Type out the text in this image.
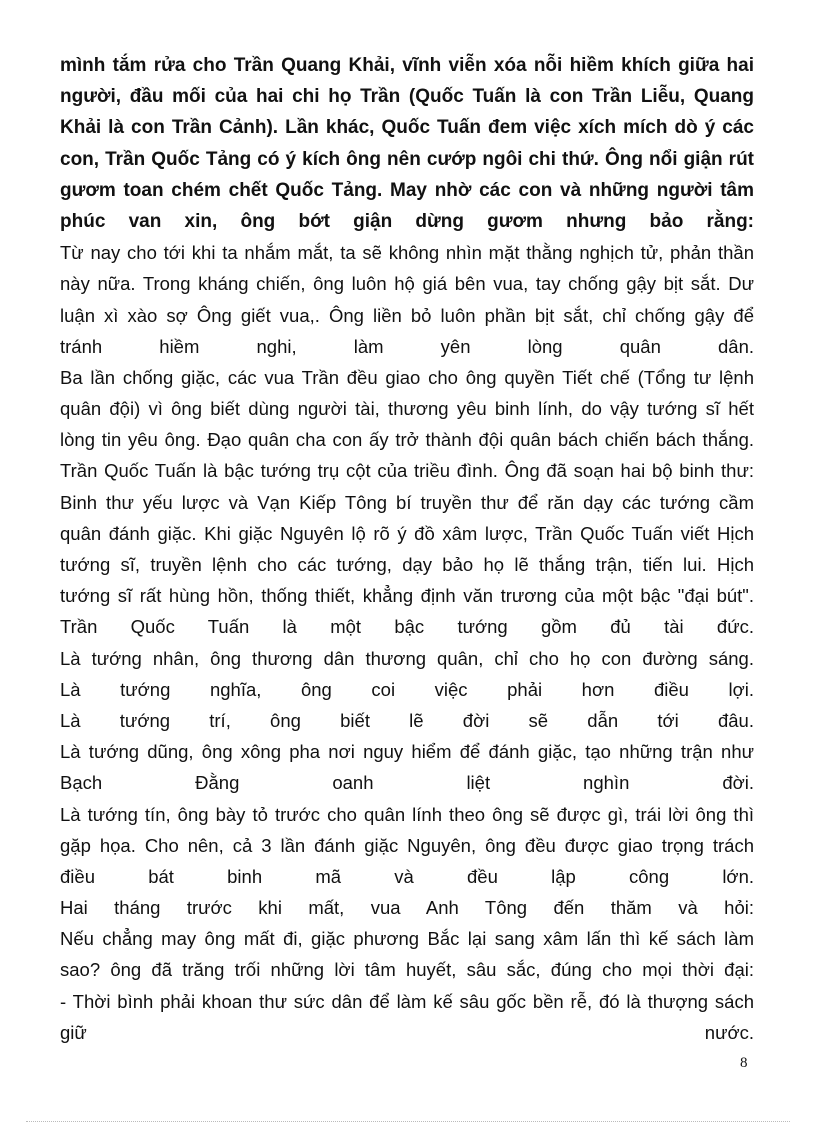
mình tắm rửa cho Trần Quang Khải, vĩnh viễn xóa nỗi hiềm khích giữa hai
người, đầu mối của hai chi họ Trần (Quốc Tuấn là con Trần Liễu, Quang
Khải là con Trần Cảnh). Lần khác, Quốc Tuấn đem việc xích mích dò ý các
con, Trần Quốc Tảng có ý kích ông nên cướp ngôi chi thứ. Ông nổi giận rút
gươm toan chém chết Quốc Tảng. May nhờ các con và những người tâm
phúc van xin, ông bớt giận dừng gươm nhưng bảo rằng:
Từ nay cho tới khi ta nhắm mắt, ta sẽ không nhìn mặt thằng nghịch tử, phản thần
này nữa. Trong kháng chiến, ông luôn hộ giá bên vua, tay chống gậy bịt sắt. Dư
luận xì xào sợ Ông giết vua,. Ông liền bỏ luôn phần bịt sắt, chỉ chống gậy để
tránh hiềm nghi, làm yên lòng quân dân.
Ba lần chống giặc, các vua Trần đều giao cho ông quyền Tiết chế (Tổng tư lệnh
quân đội) vì ông biết dùng người tài, thương yêu binh lính, do vậy tướng sĩ hết
lòng tin yêu ông. Đạo quân cha con ấy trở thành đội quân bách chiến bách thắng.
Trần Quốc Tuấn là bậc tướng trụ cột của triều đình. Ông đã soạn hai bộ binh thư:
Binh thư yếu lược và Vạn Kiếp Tông bí truyền thư để răn dạy các tướng cầm
quân đánh giặc. Khi giặc Nguyên lộ rõ ý đồ xâm lược, Trần Quốc Tuấn viết Hịch
tướng sĩ, truyền lệnh cho các tướng, dạy bảo họ lẽ thắng trận, tiến lui. Hịch
tướng sĩ rất hùng hồn, thống thiết, khẳng định văn trương của một bậc "đại bút".
Trần Quốc Tuấn là một bậc tướng gồm đủ tài đức.
Là tướng nhân, ông thương dân thương quân, chỉ cho họ con đường sáng.
Là tướng nghĩa, ông coi việc phải hơn điều lợi.
Là tướng trí, ông biết lẽ đời sẽ dẫn tới đâu.
Là tướng dũng, ông xông pha nơi nguy hiểm để đánh giặc, tạo những trận như
Bạch Đằng oanh liệt nghìn đời.
Là tướng tín, ông bày tỏ trước cho quân lính theo ông sẽ được gì, trái lời ông thì
gặp họa. Cho nên, cả 3 lần đánh giặc Nguyên, ông đều được giao trọng trách
điều bát binh mã và đều lập công lớn.
Hai tháng trước khi mất, vua Anh Tông đến thăm và hỏi:
Nếu chẳng may ông mất đi, giặc phương Bắc lại sang xâm lấn thì kế sách làm
sao? ông đã trăng trối những lời tâm huyết, sâu sắc, đúng cho mọi thời đại:
- Thời bình phải khoan thư sức dân để làm kế sâu gốc bền rễ, đó là thượng sách
giữ nước.
8
